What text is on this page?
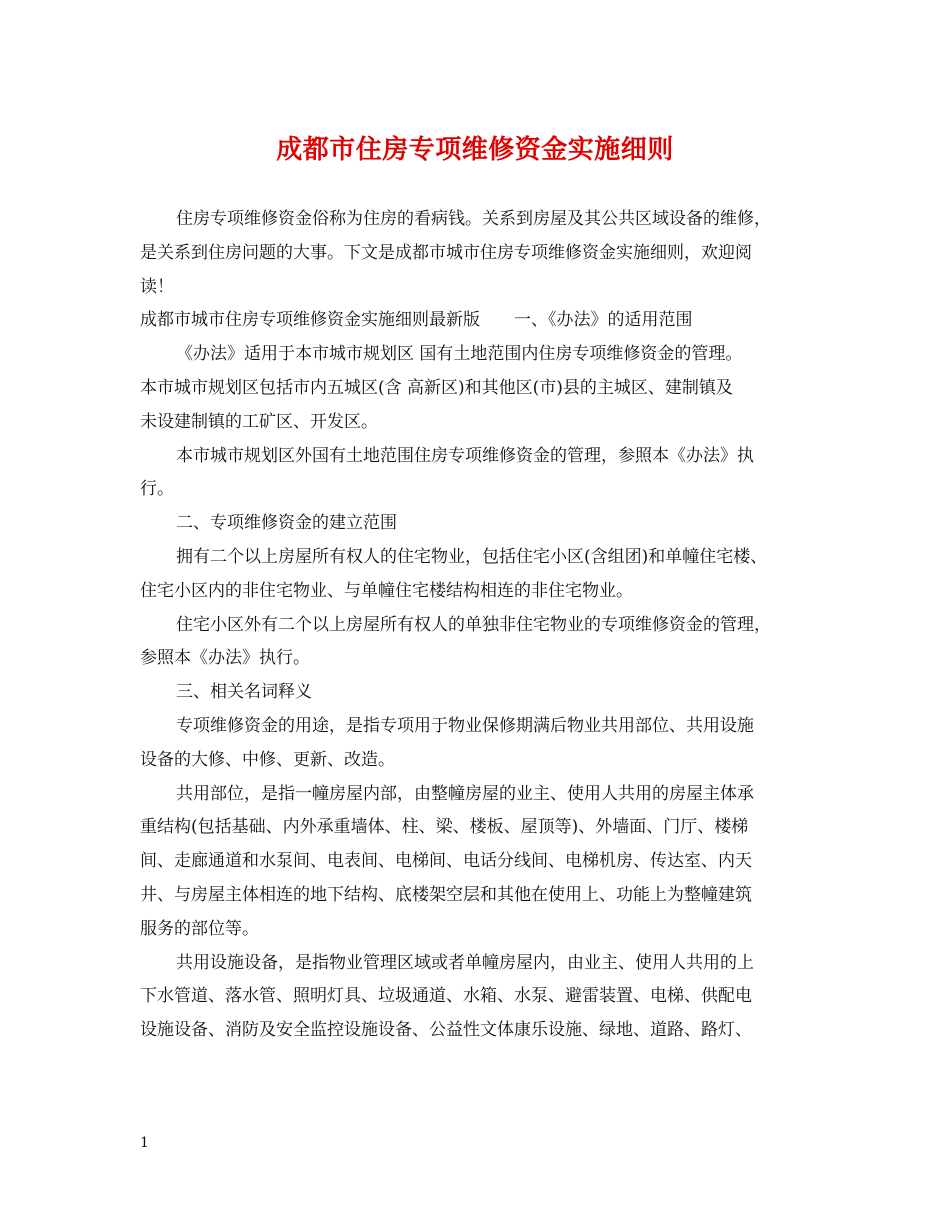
成都市住房专项维修资金实施细则
住房专项维修资金俗称为住房的看病钱。关系到房屋及其公共区域设备的维修，
是关系到住房问题的大事。下文是成都市城市住房专项维修资金实施细则，欢迎阅
读！
成都市城市住房专项维修资金实施细则最新版　　一、《办法》的适用范围
《办法》适用于本市城市规划区 国有土地范围内住房专项维修资金的管理。
本市城市规划区包括市内五城区(含 高新区)和其他区(市)县的主城区、建制镇及
未设建制镇的工矿区、开发区。
本市城市规划区外国有土地范围住房专项维修资金的管理，参照本《办法》执
行。
二、专项维修资金的建立范围
拥有二个以上房屋所有权人的住宅物业，包括住宅小区(含组团)和单幢住宅楼、
住宅小区内的非住宅物业、与单幢住宅楼结构相连的非住宅物业。
住宅小区外有二个以上房屋所有权人的单独非住宅物业的专项维修资金的管理，
参照本《办法》执行。
三、相关名词释义
专项维修资金的用途，是指专项用于物业保修期满后物业共用部位、共用设施
设备的大修、中修、更新、改造。
共用部位，是指一幢房屋内部，由整幢房屋的业主、使用人共用的房屋主体承
重结构(包括基础、内外承重墙体、柱、梁、楼板、屋顶等)、外墙面、门厅、楼梯
间、走廊通道和水泵间、电表间、电梯间、电话分线间、电梯机房、传达室、内天
井、与房屋主体相连的地下结构、底楼架空层和其他在使用上、功能上为整幢建筑
服务的部位等。
共用设施设备，是指物业管理区域或者单幢房屋内，由业主、使用人共用的上
下水管道、落水管、照明灯具、垃圾通道、水箱、水泵、避雷装置、电梯、供配电
设施设备、消防及安全监控设施设备、公益性文体康乐设施、绿地、道路、路灯、
1
